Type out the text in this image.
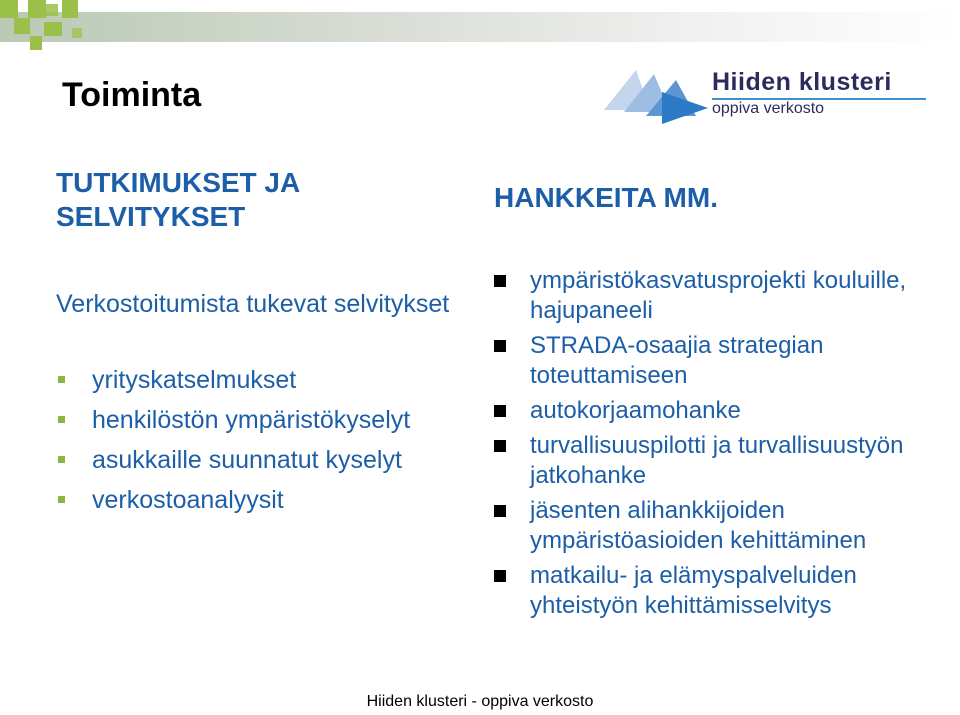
Toiminta	Hiiden klusteri
oppiva verkosto
TUTKIMUKSET JA
SELVITYKSET

Verkostoitumista tukevat selvitykset

yrityskatselmukset
henkilöstön ympäristökyselyt
asukkaille suunnatut kyselyt
verkostoanalyysit
HANKKEITA MM.
ympäristökasvatusprojekti kouluille, hajupaneeli
STRADA-osaajia strategian toteuttamiseen
autokorjaamohanke
turvallisuuspilotti ja turvallisuustyön jatkohanke
jäsenten alihankkijoiden ympäristöasioiden kehittäminen
matkailu- ja elämyspalveluiden yhteistyön kehittämisselvitys
Hiiden klusteri - oppiva verkosto
